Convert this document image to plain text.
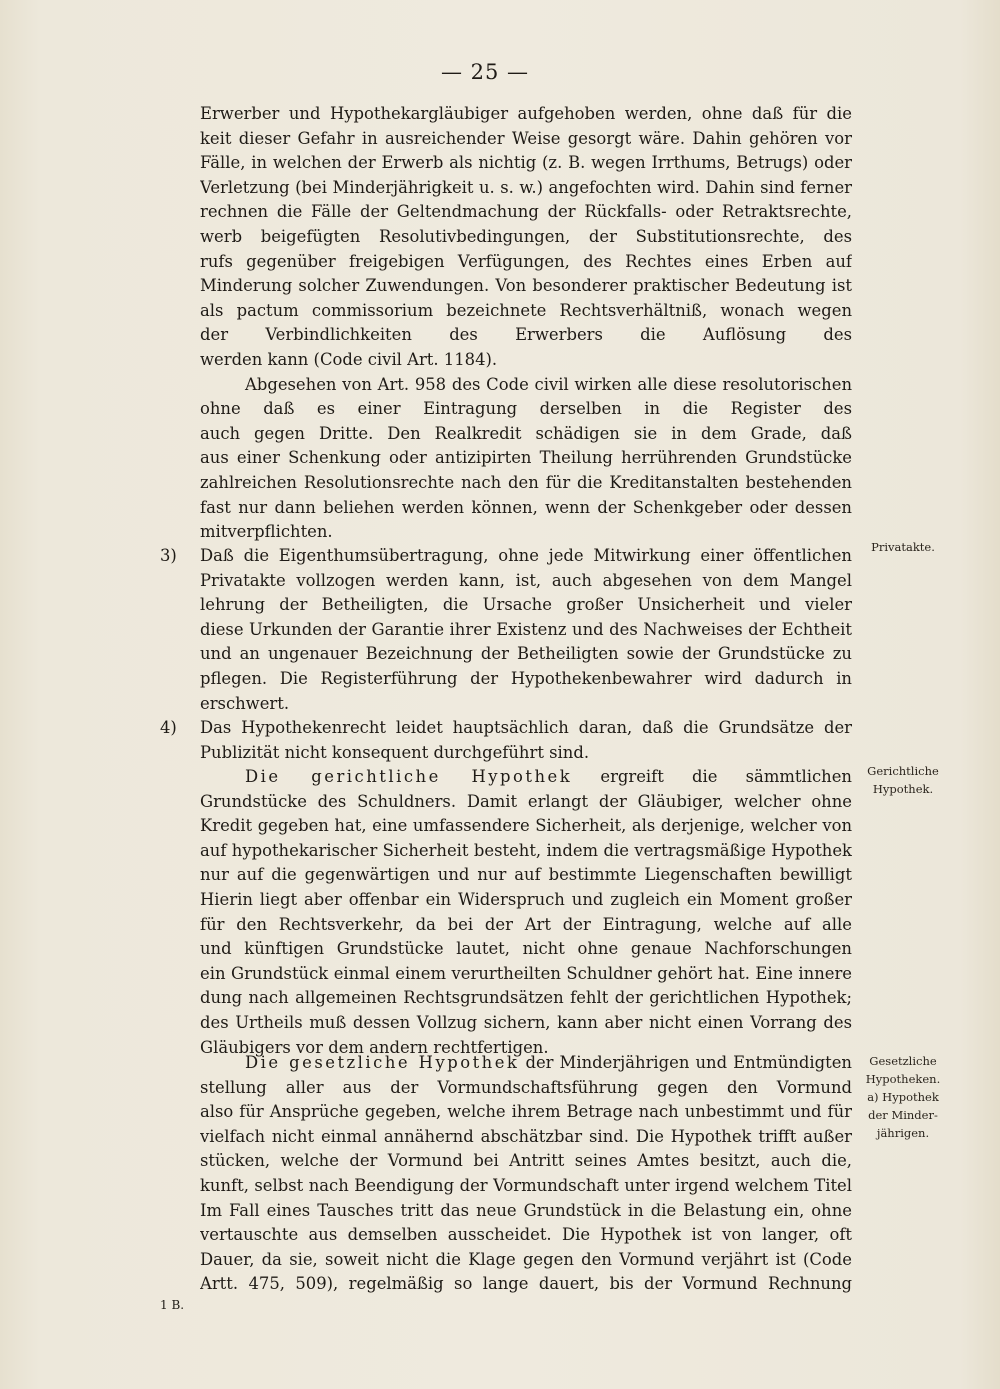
— 25 —
Erwerber und Hypothekargläubiger aufgehoben werden, ohne daß für die
keit dieser Gefahr in ausreichender Weise gesorgt wäre. Dahin gehören vor
Fälle, in welchen der Erwerb als nichtig (z. B. wegen Irrthums, Betrugs) oder
Verletzung (bei Minderjährigkeit u. s. w.) angefochten wird. Dahin sind ferner
rechnen die Fälle der Geltendmachung der Rückfalls- oder Retraktsrechte,
werb beigefügten Resolutivbedingungen, der Substitutionsrechte, des
rufs gegenüber freigebigen Verfügungen, des Rechtes eines Erben auf
Minderung solcher Zuwendungen. Von besonderer praktischer Bedeutung ist
als pactum commissorium bezeichnete Rechtsverhältniß, wonach wegen
der Verbindlichkeiten des Erwerbers die Auflösung des
werden kann (Code civil Art. 1184).
Abgesehen von Art. 958 des Code civil wirken alle diese resolutorischen
ohne daß es einer Eintragung derselben in die Register des
auch gegen Dritte. Den Realkredit schädigen sie in dem Grade, daß
aus einer Schenkung oder antizipirten Theilung herrührenden Grundstücke
zahlreichen Resolutionsrechte nach den für die Kreditanstalten bestehenden
fast nur dann beliehen werden können, wenn der Schenkgeber oder dessen
mitverpflichten.
3) Daß die Eigenthumsübertragung, ohne jede Mitwirkung einer öffentlichen
Privatakte vollzogen werden kann, ist, auch abgesehen von dem Mangel
lehrung der Betheiligten, die Ursache großer Unsicherheit und vieler
diese Urkunden der Garantie ihrer Existenz und des Nachweises der Echtheit
und an ungenauer Bezeichnung der Betheiligten sowie der Grundstücke zu
pflegen. Die Registerführung der Hypothekenbewahrer wird dadurch in
erschwert.
4) Das Hypothekenrecht leidet hauptsächlich daran, daß die Grundsätze der
Publizität nicht konsequent durchgeführt sind.
Die gerichtliche Hypothek ergreift die sämmtlichen
Grundstücke des Schuldners. Damit erlangt der Gläubiger, welcher ohne
Kredit gegeben hat, eine umfassendere Sicherheit, als derjenige, welcher von
auf hypothekarischer Sicherheit besteht, indem die vertragsmäßige Hypothek
nur auf die gegenwärtigen und nur auf bestimmte Liegenschaften bewilligt
Hierin liegt aber offenbar ein Widerspruch und zugleich ein Moment großer
für den Rechtsverkehr, da bei der Art der Eintragung, welche auf alle
und künftigen Grundstücke lautet, nicht ohne genaue Nachforschungen
ein Grundstück einmal einem verurtheilten Schuldner gehört hat. Eine innere
dung nach allgemeinen Rechtsgrundsätzen fehlt der gerichtlichen Hypothek;
des Urtheils muß dessen Vollzug sichern, kann aber nicht einen Vorrang des
Gläubigers vor dem andern rechtfertigen.
Die gesetzliche Hypothek der Minderjährigen und Entmündigten
stellung aller aus der Vormundschaftsführung gegen den Vormund
also für Ansprüche gegeben, welche ihrem Betrage nach unbestimmt und für
vielfach nicht einmal annähernd abschätzbar sind. Die Hypothek trifft außer
stücken, welche der Vormund bei Antritt seines Amtes besitzt, auch die,
kunft, selbst nach Beendigung der Vormundschaft unter irgend welchem Titel
Im Fall eines Tausches tritt das neue Grundstück in die Belastung ein, ohne
vertauschte aus demselben ausscheidet. Die Hypothek ist von langer, oft
Dauer, da sie, soweit nicht die Klage gegen den Vormund verjährt ist (Code
Artt. 475, 509), regelmäßig so lange dauert, bis der Vormund Rechnung
Privatakte.
Gerichtliche
Hypothek.
Gesetzliche
Hypotheken.
a) Hypothek
der Minder-
jährigen.
1 B.
